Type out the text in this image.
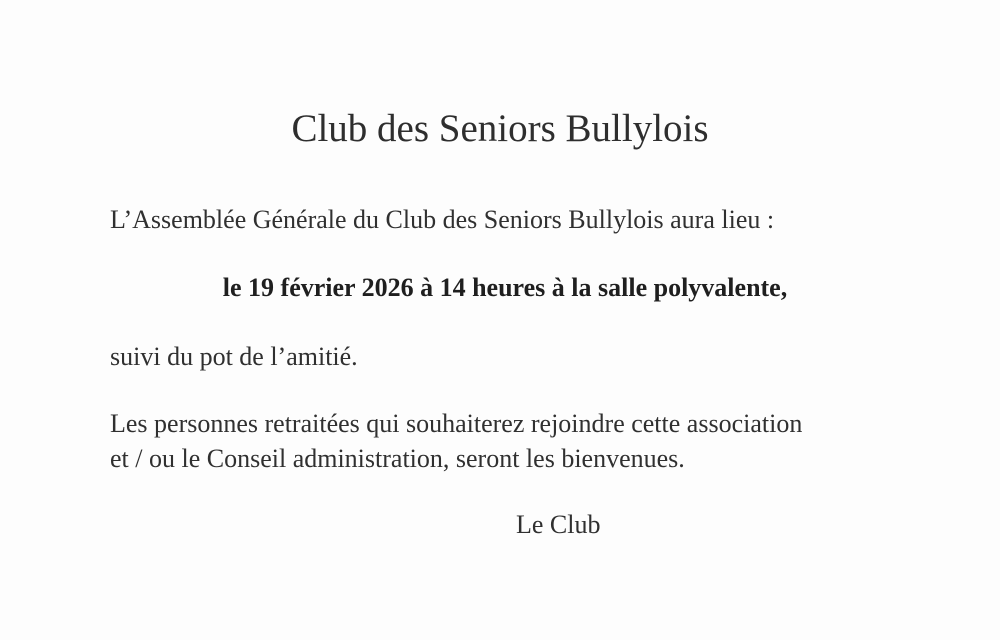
Club des Seniors Bullylois
L’Assemblée Générale du Club des Seniors Bullylois aura lieu :
le 19 février 2026 à 14 heures à la salle polyvalente,
suivi du pot de l’amitié.
Les personnes retraitées qui souhaiterez rejoindre cette association
et / ou le Conseil administration, seront les bienvenues.
Le Club
